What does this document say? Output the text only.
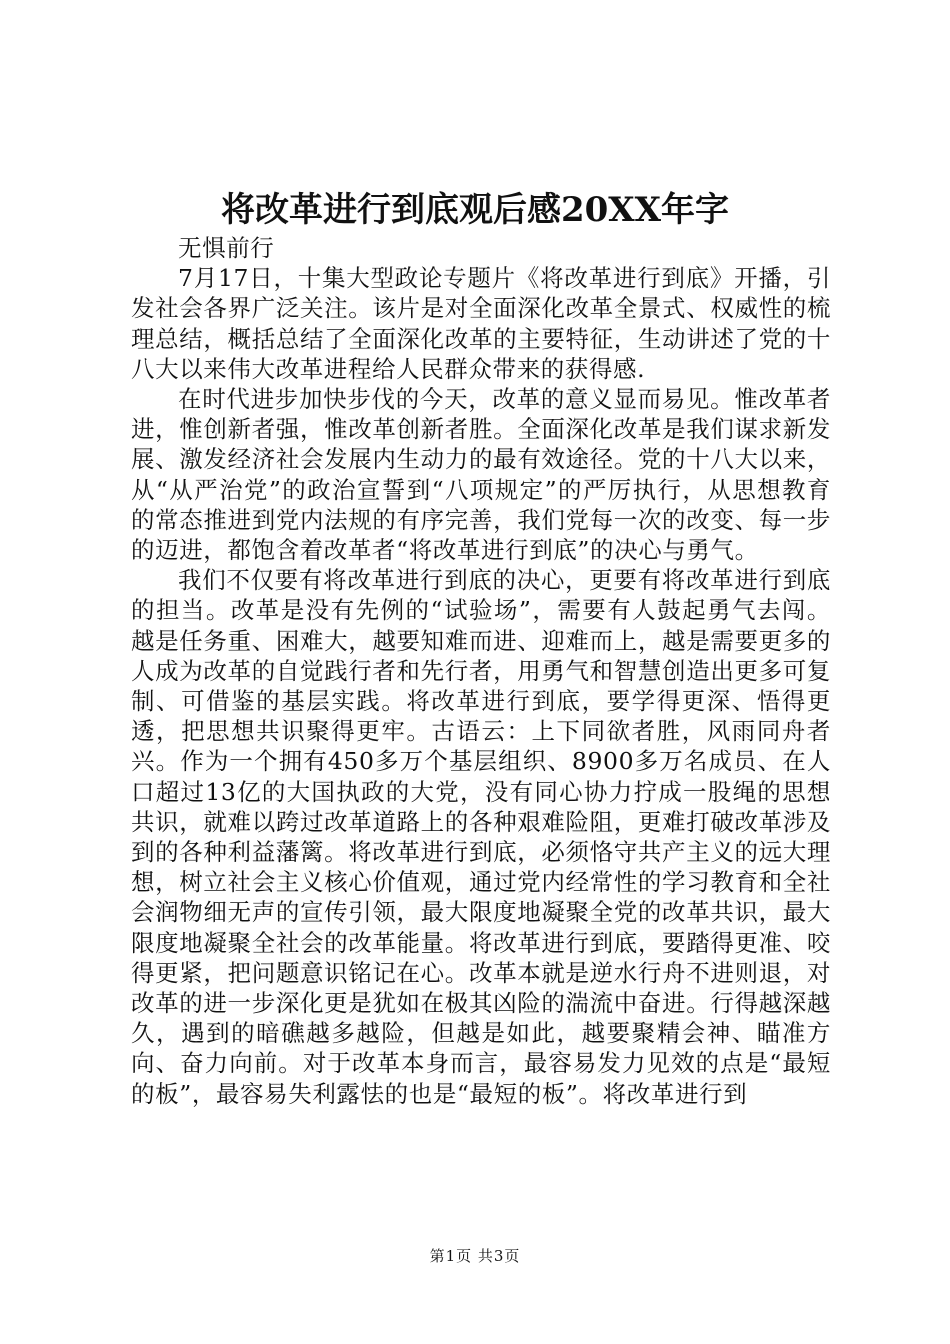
将改革进行到底观后感20XX年字

无惧前行

7月17日，十集大型政论专题片《将改革进行到底》开播，引发社会各界广泛关注。该片是对全面深化改革全景式、权威性的梳理总结，概括总结了全面深化改革的主要特征，生动讲述了党的十八大以来伟大改革进程给人民群众带来的获得感.

在时代进步加快步伐的今天，改革的意义显而易见。惟改革者进，惟创新者强，惟改革创新者胜。全面深化改革是我们谋求新发展、激发经济社会发展内生动力的最有效途径。党的十八大以来，从“从严治党”的政治宣誓到“八项规定”的严厉执行，从思想教育的常态推进到党内法规的有序完善，我们党每一次的改变、每一步的迈进，都饱含着改革者“将改革进行到底”的决心与勇气。

我们不仅要有将改革进行到底的决心，更要有将改革进行到底的担当。改革是没有先例的“试验场”，需要有人鼓起勇气去闯。越是任务重、困难大，越要知难而进、迎难而上，越是需要更多的人成为改革的自觉践行者和先行者，用勇气和智慧创造出更多可复制、可借鉴的基层实践。将改革进行到底，要学得更深、悟得更透，把思想共识聚得更牢。古语云：上下同欲者胜，风雨同舟者兴。作为一个拥有450多万个基层组织、8900多万名成员、在人口超过13亿的大国执政的大党，没有同心协力拧成一股绳的思想共识，就难以跨过改革道路上的各种艰难险阻，更难打破改革涉及到的各种利益藩篱。将改革进行到底，必须恪守共产主义的远大理想，树立社会主义核心价值观，通过党内经常性的学习教育和全社会润物细无声的宣传引领，最大限度地凝聚全党的改革共识，最大限度地凝聚全社会的改革能量。将改革进行到底，要踏得更准、咬得更紧，把问题意识铭记在心。改革本就是逆水行舟不进则退，对改革的进一步深化更是犹如在极其凶险的湍流中奋进。行得越深越久，遇到的暗礁越多越险，但越是如此，越要聚精会神、瞄准方向、奋力向前。对于改革本身而言，最容易发力见效的点是“最短的板”，最容易失利露怯的也是“最短的板”。将改革进行到

第1页 共3页
